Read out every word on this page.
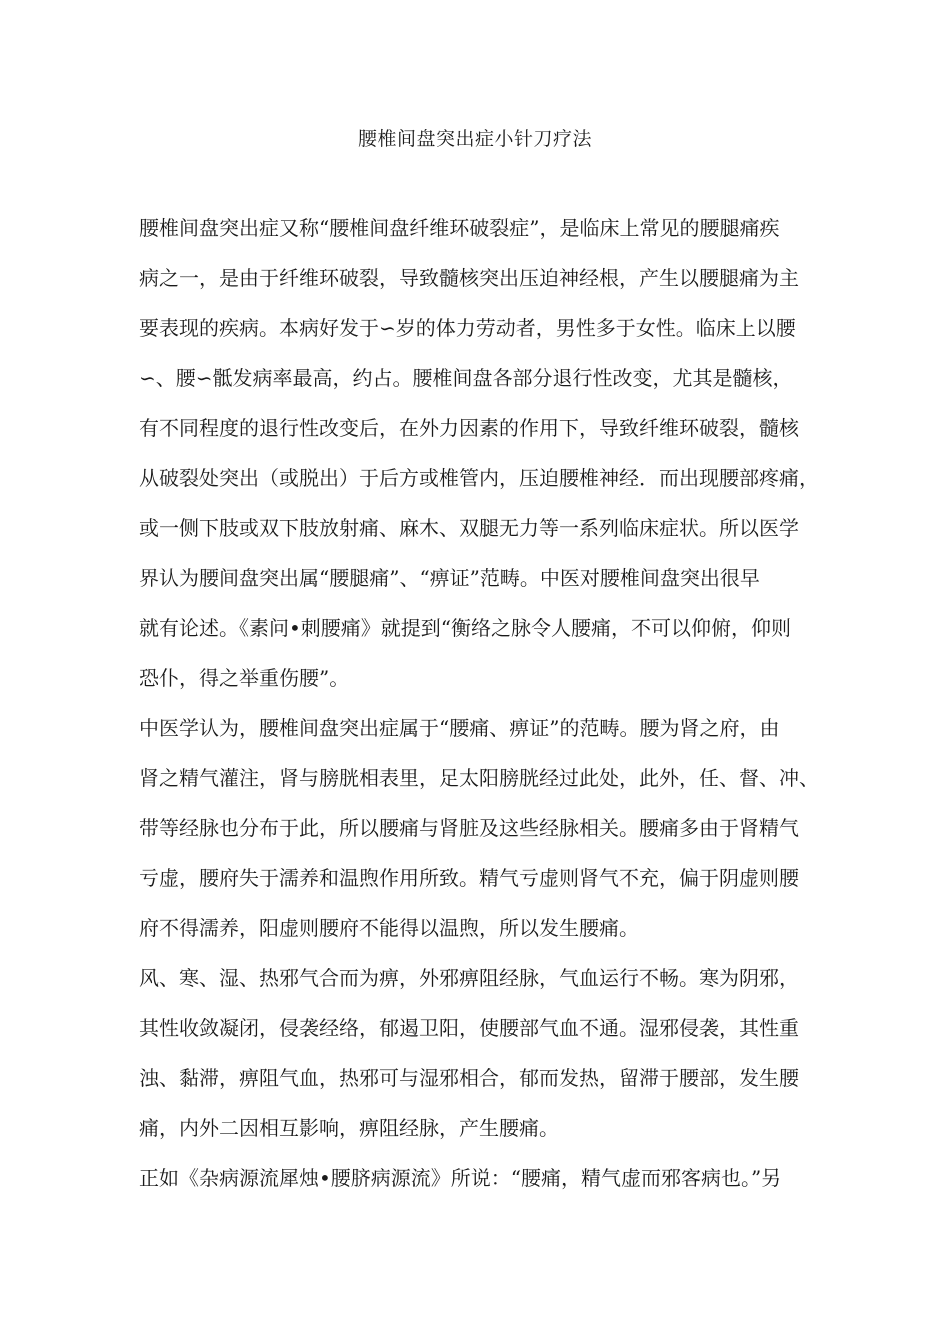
腰椎间盘突出症小针刀疗法
腰椎间盘突出症又称“腰椎间盘纤维环破裂症”，是临床上常见的腰腿痛疾
病之一，是由于纤维环破裂，导致髓核突出压迫神经根，产生以腰腿痛为主
要表现的疾病。本病好发于∽岁的体力劳动者，男性多于女性。临床上以腰
∽、腰∽骶发病率最高，约占。腰椎间盘各部分退行性改变，尤其是髓核，
有不同程度的退行性改变后，在外力因素的作用下，导致纤维环破裂，髓核
从破裂处突出（或脱出）于后方或椎管内，压迫腰椎神经．而出现腰部疼痛，
或一侧下肢或双下肢放射痛、麻木、双腿无力等一系列临床症状。所以医学
界认为腰间盘突出属“腰腿痛”、“痹证”范畴。中医对腰椎间盘突出很早
就有论述。《素问•刺腰痛》就提到“衡络之脉令人腰痛，不可以仰俯，仰则
恐仆，得之举重伤腰”。
中医学认为，腰椎间盘突出症属于“腰痛、痹证”的范畴。腰为肾之府，由
肾之精气灌注，肾与膀胱相表里，足太阳膀胱经过此处，此外，任、督、冲、
带等经脉也分布于此，所以腰痛与肾脏及这些经脉相关。腰痛多由于肾精气
亏虚，腰府失于濡养和温煦作用所致。精气亏虚则肾气不充，偏于阴虚则腰
府不得濡养，阳虚则腰府不能得以温煦，所以发生腰痛。
风、寒、湿、热邪气合而为痹，外邪痹阻经脉，气血运行不畅。寒为阴邪，
其性收敛凝闭，侵袭经络，郁遏卫阳，使腰部气血不通。湿邪侵袭，其性重
浊、黏滞，痹阻气血，热邪可与湿邪相合，郁而发热，留滞于腰部，发生腰
痛，内外二因相互影响，痹阻经脉，产生腰痛。
正如《杂病源流犀烛•腰脐病源流》所说：“腰痛，精气虚而邪客病也。”另
